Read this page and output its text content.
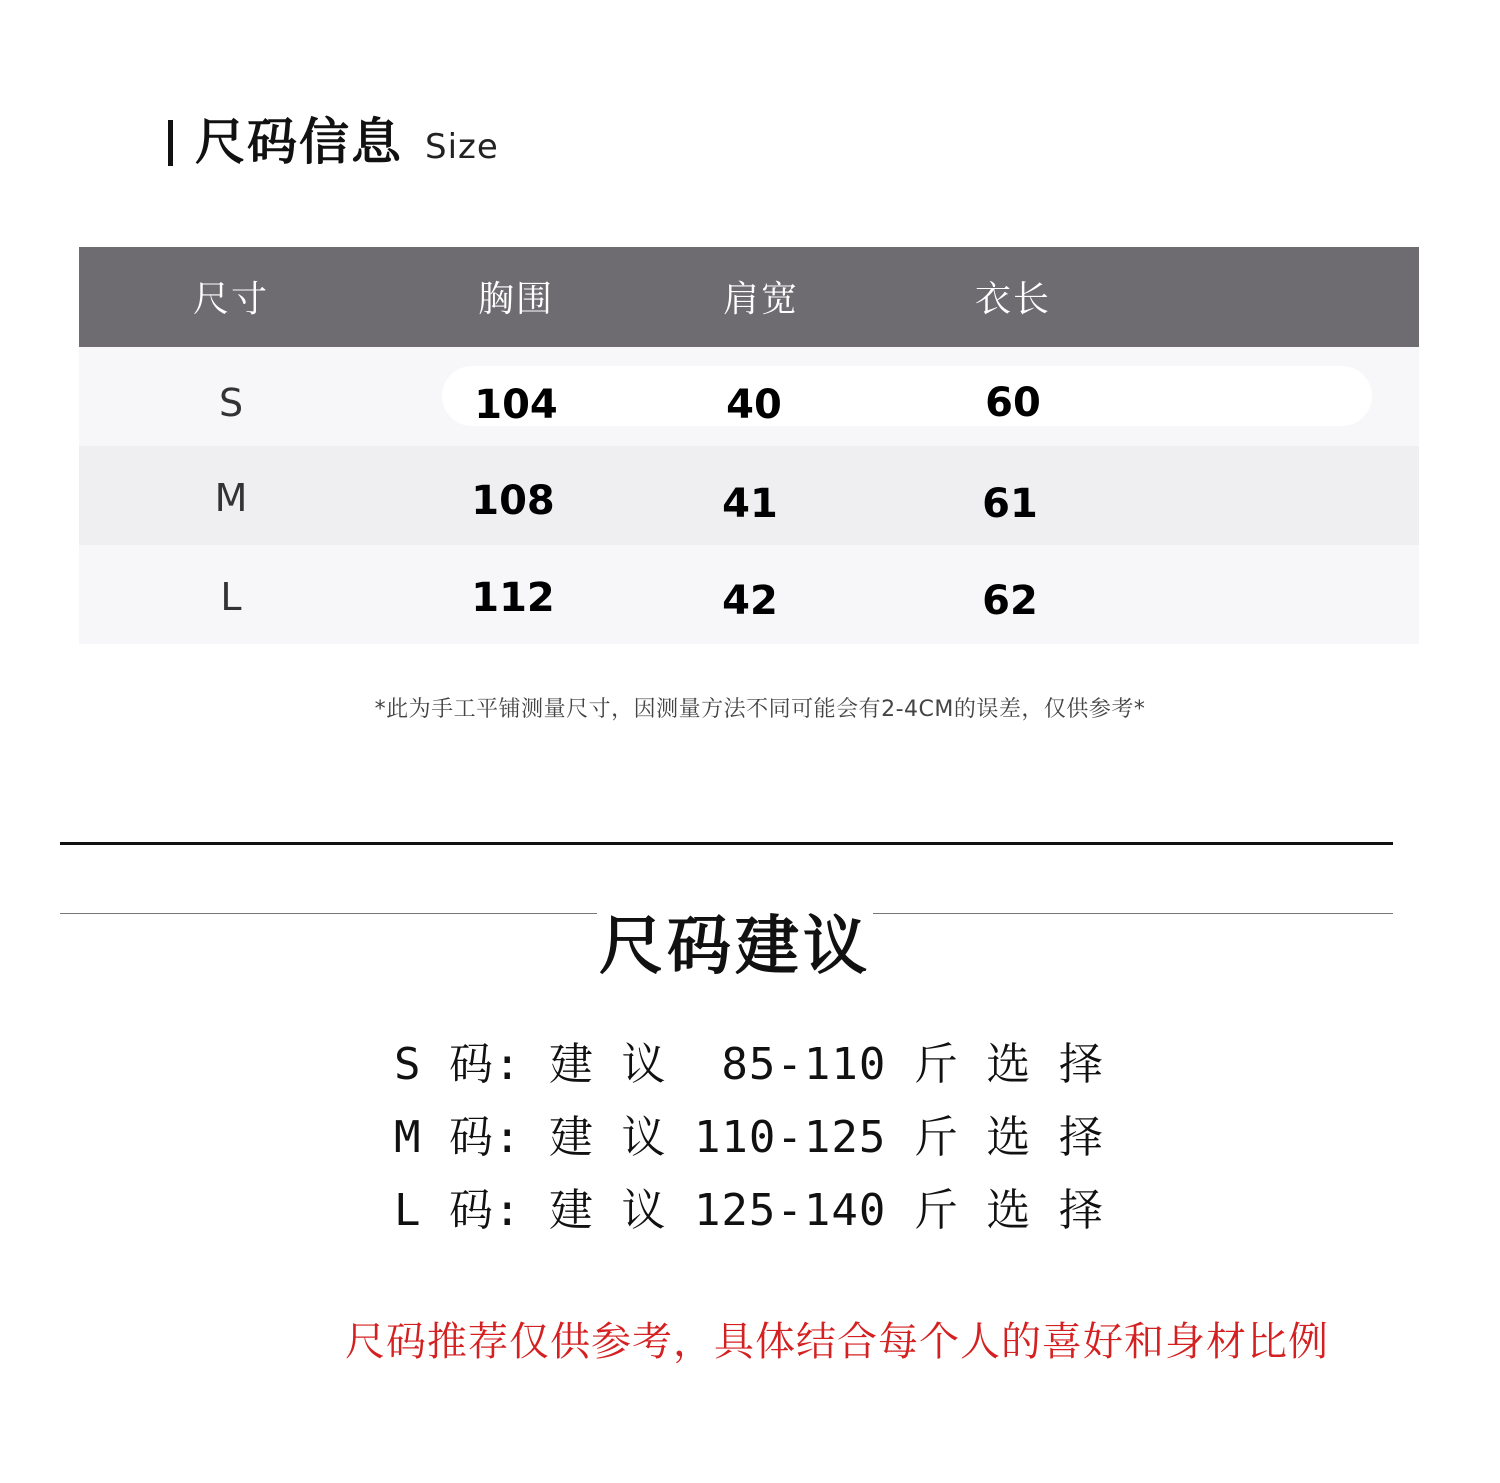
尺码信息 Size
尺寸	胸围	肩宽	衣长
S	104	40	60
M	108	41	61
L	112	42	62
*此为手工平铺测量尺寸，因测量方法不同可能会有2-4CM的误差，仅供参考*
尺码建议
S 码: 建 议  85-110 斤 选 择
M 码: 建 议 110-125 斤 选 择
L 码: 建 议 125-140 斤 选 择
尺码推荐仅供参考，具体结合每个人的喜好和身材比例
